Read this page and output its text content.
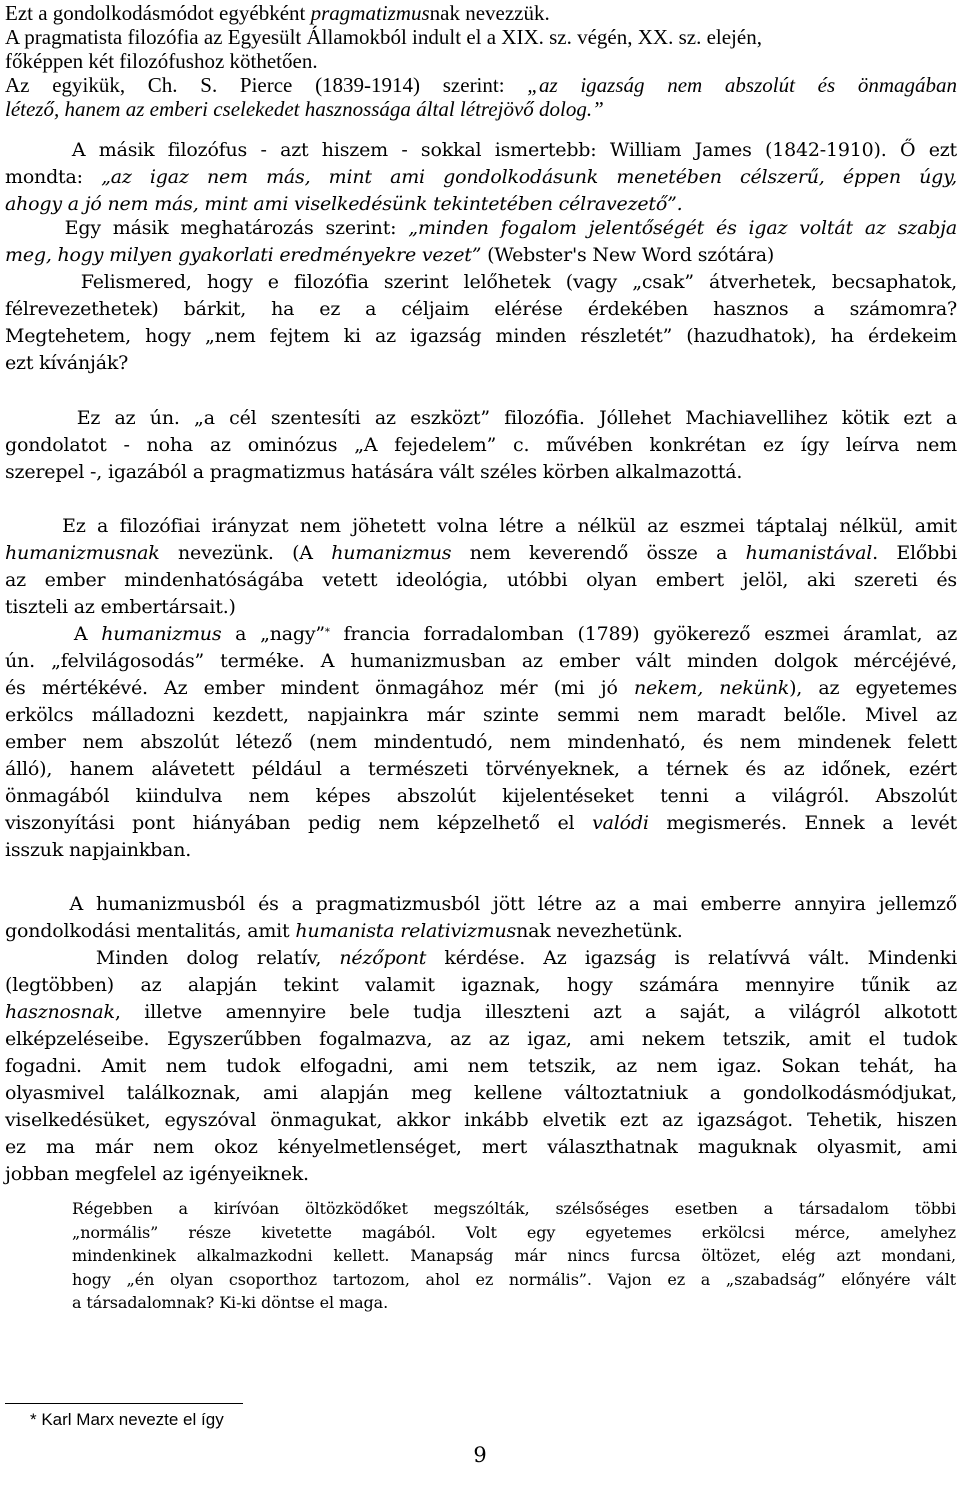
Ezt a gondolkodásmódot egyébként pragmatizmusnak nevezzük.
A pragmatista filozófia az Egyesült Államokból indult el a XIX. sz. végén, XX. sz. elején,
főképpen két filozófushoz köthetően.
Az egyikük, Ch. S. Pierce (1839-1914) szerint: „az igazság nem abszolút és önmagában
létező, hanem az emberi cselekedet hasznossága által létrejövő dolog.”
A másik filozófus - azt hiszem - sokkal ismertebb: William James (1842-1910). Ő ezt
mondta: „az igaz nem más, mint ami gondolkodásunk menetében célszerű, éppen úgy,
ahogy a jó nem más, mint ami viselkedésünk tekintetében célravezető”.
Egy másik meghatározás szerint: „minden fogalom jelentőségét és igaz voltát az szabja
meg, hogy milyen gyakorlati eredményekre vezet” (Webster's New Word szótára)
Felismered, hogy e filozófia szerint lelőhetek (vagy „csak” átverhetek, becsaphatok,
félrevezethetek) bárkit, ha ez a céljaim elérése érdekében hasznos a számomra?
Megtehetem, hogy „nem fejtem ki az igazság minden részletét” (hazudhatok), ha érdekeim
ezt kívánják?
Ez az ún. „a cél szentesíti az eszközt” filozófia. Jóllehet Machiavellihez kötik ezt a
gondolatot - noha az ominózus „A fejedelem” c. művében konkrétan ez így leírva nem
szerepel -, igazából a pragmatizmus hatására vált széles körben alkalmazottá.
Ez a filozófiai irányzat nem jöhetett volna létre a nélkül az eszmei táptalaj nélkül, amit
humanizmusnak nevezünk. (A humanizmus nem keverendő össze a humanistával. Előbbi
az ember mindenhatóságába vetett ideológia, utóbbi olyan embert jelöl, aki szereti és
tiszteli az embertársait.)
A humanizmus a „nagy”* francia forradalomban (1789) gyökerező eszmei áramlat, az
ún. „felvilágosodás” terméke. A humanizmusban az ember vált minden dolgok mércéjévé,
és mértékévé. Az ember mindent önmagához mér (mi jó nekem, nekünk), az egyetemes
erkölcs málladozni kezdett, napjainkra már szinte semmi nem maradt belőle. Mivel az
ember nem abszolút létező (nem mindentudó, nem mindenható, és nem mindenek felett
álló), hanem alávetett például a természeti törvényeknek, a térnek és az időnek, ezért
önmagából kiindulva nem képes abszolút kijelentéseket tenni a világról. Abszolút
viszonyítási pont hiányában pedig nem képzelhető el valódi megismerés. Ennek a levét
isszuk napjainkban.
A humanizmusból és a pragmatizmusból jött létre az a mai emberre annyira jellemző
gondolkodási mentalitás, amit humanista relativizmusnak nevezhetünk.
Minden dolog relatív, nézőpont kérdése. Az igazság is relatívvá vált. Mindenki
(legtöbben) az alapján tekint valamit igaznak, hogy számára mennyire tűnik az
hasznosnak, illetve amennyire bele tudja illeszteni azt a saját, a világról alkotott
elképzeléseibe. Egyszerűbben fogalmazva, az az igaz, ami nekem tetszik, amit el tudok
fogadni. Amit nem tudok elfogadni, ami nem tetszik, az nem igaz. Sokan tehát, ha
olyasmivel találkoznak, ami alapján meg kellene változtatniuk a gondolkodásmódjukat,
viselkedésüket, egyszóval önmagukat, akkor inkább elvetik ezt az igazságot. Tehetik, hiszen
ez ma már nem okoz kényelmetlenséget, mert választhatnak maguknak olyasmit, ami
jobban megfelel az igényeiknek.
Régebben a kirívóan öltözködőket megszólták, szélsőséges esetben a társadalom többi
„normális” része kivetette magából. Volt egy egyetemes erkölcsi mérce, amelyhez
mindenkinek alkalmazkodni kellett. Manapság már nincs furcsa öltözet, elég azt mondani,
hogy „én olyan csoporthoz tartozom, ahol ez normális”. Vajon ez a „szabadság” előnyére vált
a társadalomnak? Ki-ki döntse el maga.
* Karl Marx nevezte el így
9
